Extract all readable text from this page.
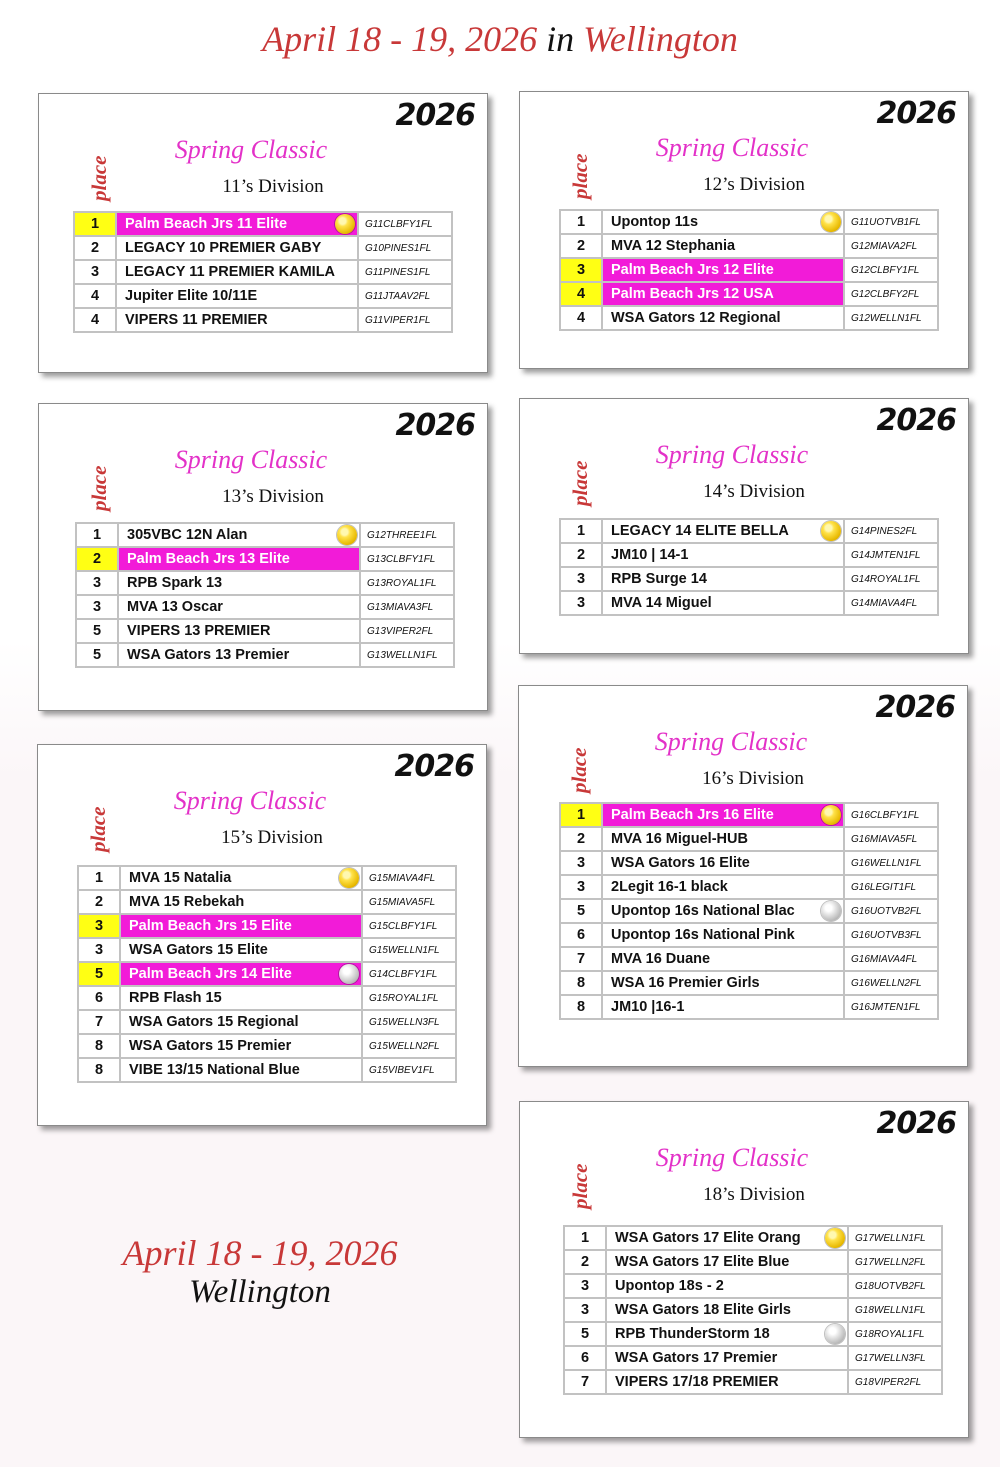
April 18 - 19, 2026 in Wellington
2026
place
Spring Classic
11’s Division
1	Palm Beach Jrs 11 Elite	G11CLBFY1FL
2	LEGACY 10 PREMIER GABY	G10PINES1FL
3	LEGACY 11 PREMIER KAMILA	G11PINES1FL
4	Jupiter Elite 10/11E	G11JTAAV2FL
4	VIPERS 11 PREMIER	G11VIPER1FL
2026
place
Spring Classic
12’s Division
1	Upontop 11s	G11UOTVB1FL
2	MVA 12 Stephania	G12MIAVA2FL
3	Palm Beach Jrs 12 Elite	G12CLBFY1FL
4	Palm Beach Jrs 12 USA	G12CLBFY2FL
4	WSA Gators 12 Regional	G12WELLN1FL
2026
place
Spring Classic
13’s Division
1	305VBC 12N Alan	G12THREE1FL
2	Palm Beach Jrs 13 Elite	G13CLBFY1FL
3	RPB Spark 13	G13ROYAL1FL
3	MVA 13 Oscar	G13MIAVA3FL
5	VIPERS 13 PREMIER	G13VIPER2FL
5	WSA Gators 13 Premier	G13WELLN1FL
2026
place
Spring Classic
14’s Division
1	LEGACY 14 ELITE BELLA	G14PINES2FL
2	JM10 | 14-1	G14JMTEN1FL
3	RPB Surge 14	G14ROYAL1FL
3	MVA 14 Miguel	G14MIAVA4FL
2026
place
Spring Classic
15’s Division
1	MVA 15 Natalia	G15MIAVA4FL
2	MVA 15 Rebekah	G15MIAVA5FL
3	Palm Beach Jrs 15 Elite	G15CLBFY1FL
3	WSA Gators 15 Elite	G15WELLN1FL
5	Palm Beach Jrs 14 Elite	G14CLBFY1FL
6	RPB Flash 15	G15ROYAL1FL
7	WSA Gators 15 Regional	G15WELLN3FL
8	WSA Gators 15 Premier	G15WELLN2FL
8	VIBE 13/15 National Blue	G15VIBEV1FL
2026
place
Spring Classic
16’s Division
1	Palm Beach Jrs 16 Elite	G16CLBFY1FL
2	MVA 16 Miguel-HUB	G16MIAVA5FL
3	WSA Gators 16 Elite	G16WELLN1FL
3	2Legit 16-1 black	G16LEGIT1FL
5	Upontop 16s National Blac	G16UOTVB2FL
6	Upontop 16s National Pink	G16UOTVB3FL
7	MVA 16 Duane	G16MIAVA4FL
8	WSA 16 Premier Girls	G16WELLN2FL
8	JM10 |16-1	G16JMTEN1FL
2026
place
Spring Classic
18’s Division
1	WSA Gators 17 Elite Orang	G17WELLN1FL
2	WSA Gators 17 Elite Blue	G17WELLN2FL
3	Upontop 18s - 2	G18UOTVB2FL
3	WSA Gators 18 Elite Girls	G18WELLN1FL
5	RPB ThunderStorm 18	G18ROYAL1FL
6	WSA Gators 17 Premier	G17WELLN3FL
7	VIPERS 17/18 PREMIER	G18VIPER2FL
April 18 - 19, 2026
Wellington
